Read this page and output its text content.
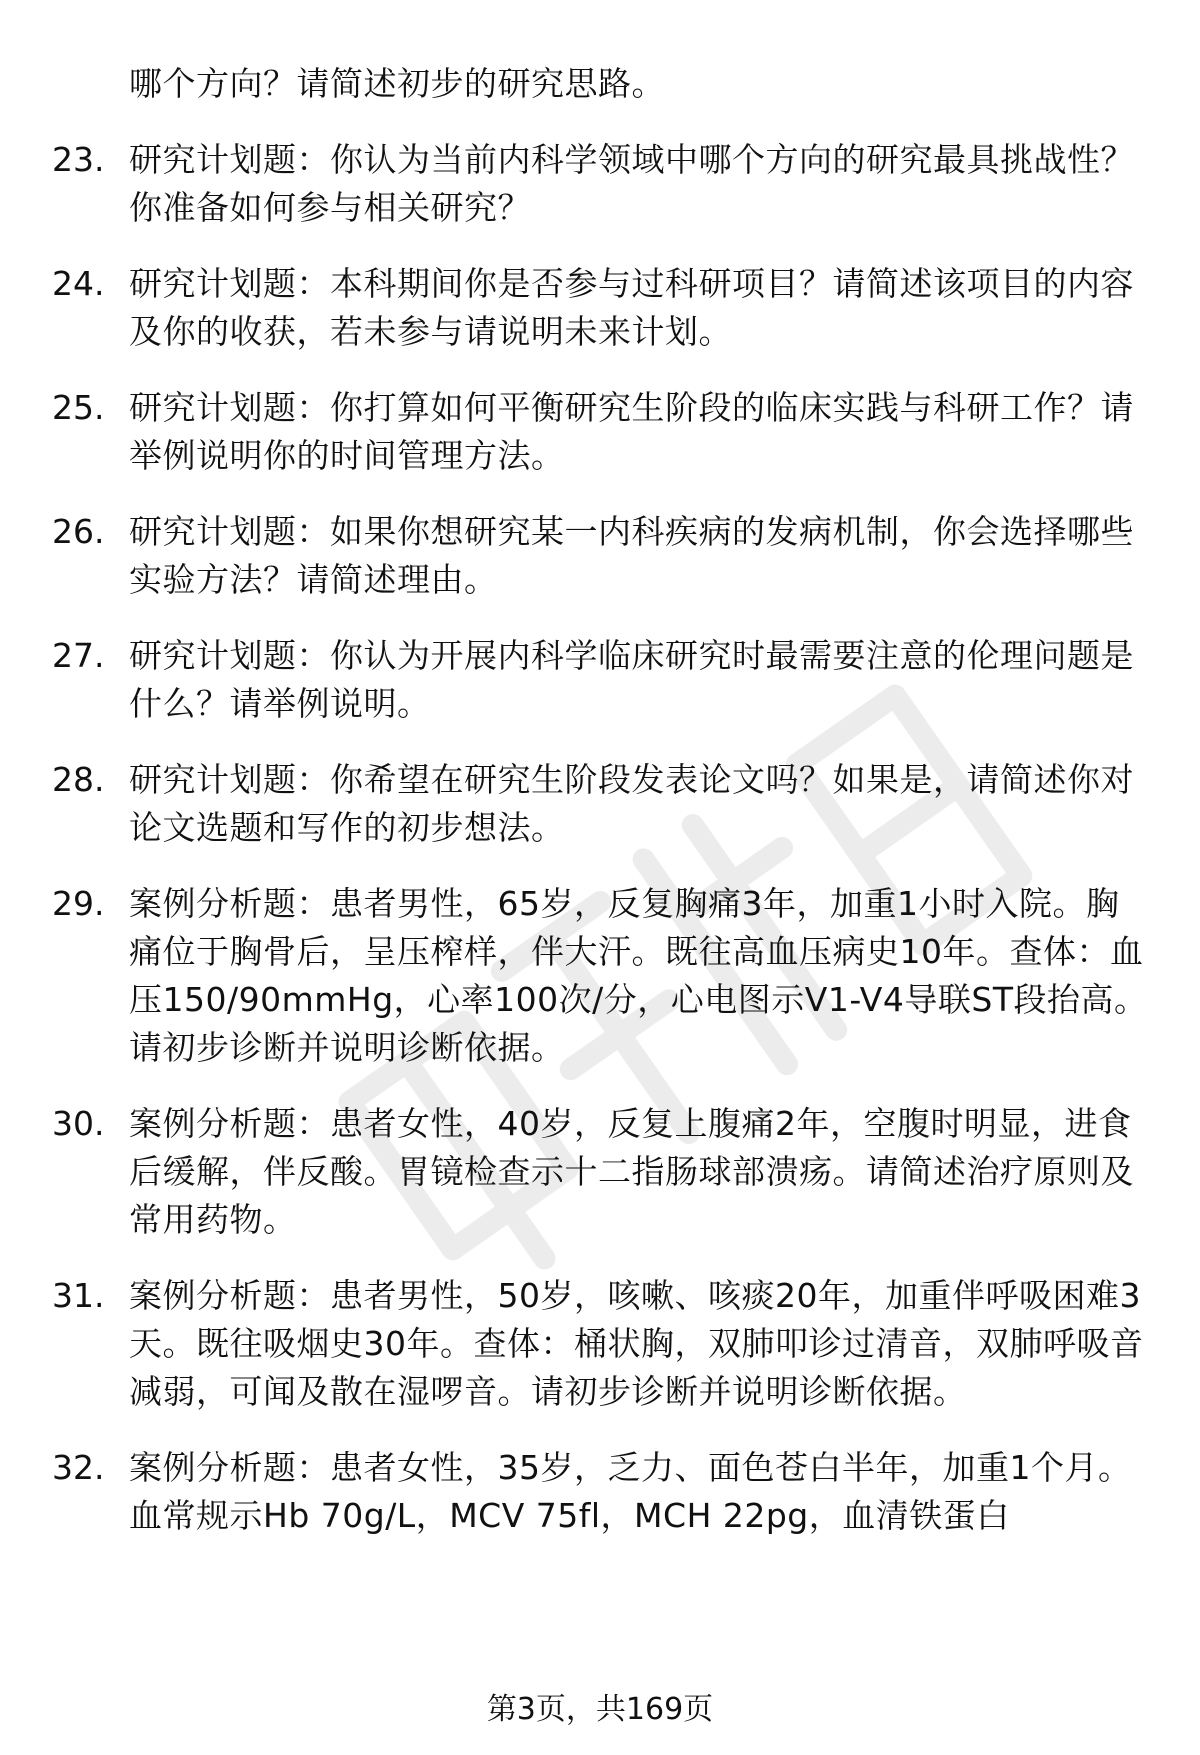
哪个方向？请简述初步的研究思路。
23. 研究计划题：你认为当前内科学领域中哪个方向的研究最具挑战性？你准备如何参与相关研究？
24. 研究计划题：本科期间你是否参与过科研项目？请简述该项目的内容及你的收获，若未参与请说明未来计划。
25. 研究计划题：你打算如何平衡研究生阶段的临床实践与科研工作？请举例说明你的时间管理方法。
26. 研究计划题：如果你想研究某一内科疾病的发病机制，你会选择哪些实验方法？请简述理由。
27. 研究计划题：你认为开展内科学临床研究时最需要注意的伦理问题是什么？请举例说明。
28. 研究计划题：你希望在研究生阶段发表论文吗？如果是，请简述你对论文选题和写作的初步想法。
29. 案例分析题：患者男性，65岁，反复胸痛3年，加重1小时入院。胸痛位于胸骨后，呈压榨样，伴大汗。既往高血压病史10年。查体：血压150/90mmHg，心率100次/分，心电图示V1-V4导联ST段抬高。请初步诊断并说明诊断依据。
30. 案例分析题：患者女性，40岁，反复上腹痛2年，空腹时明显，进食后缓解，伴反酸。胃镜检查示十二指肠球部溃疡。请简述治疗原则及常用药物。
31. 案例分析题：患者男性，50岁，咳嗽、咳痰20年，加重伴呼吸困难3天。既往吸烟史30年。查体：桶状胸，双肺叩诊过清音，双肺呼吸音减弱，可闻及散在湿啰音。请初步诊断并说明诊断依据。
32. 案例分析题：患者女性，35岁，乏力、面色苍白半年，加重1个月。血常规示Hb 70g/L，MCV 75fl，MCH 22pg，血清铁蛋白
第3页，共169页
